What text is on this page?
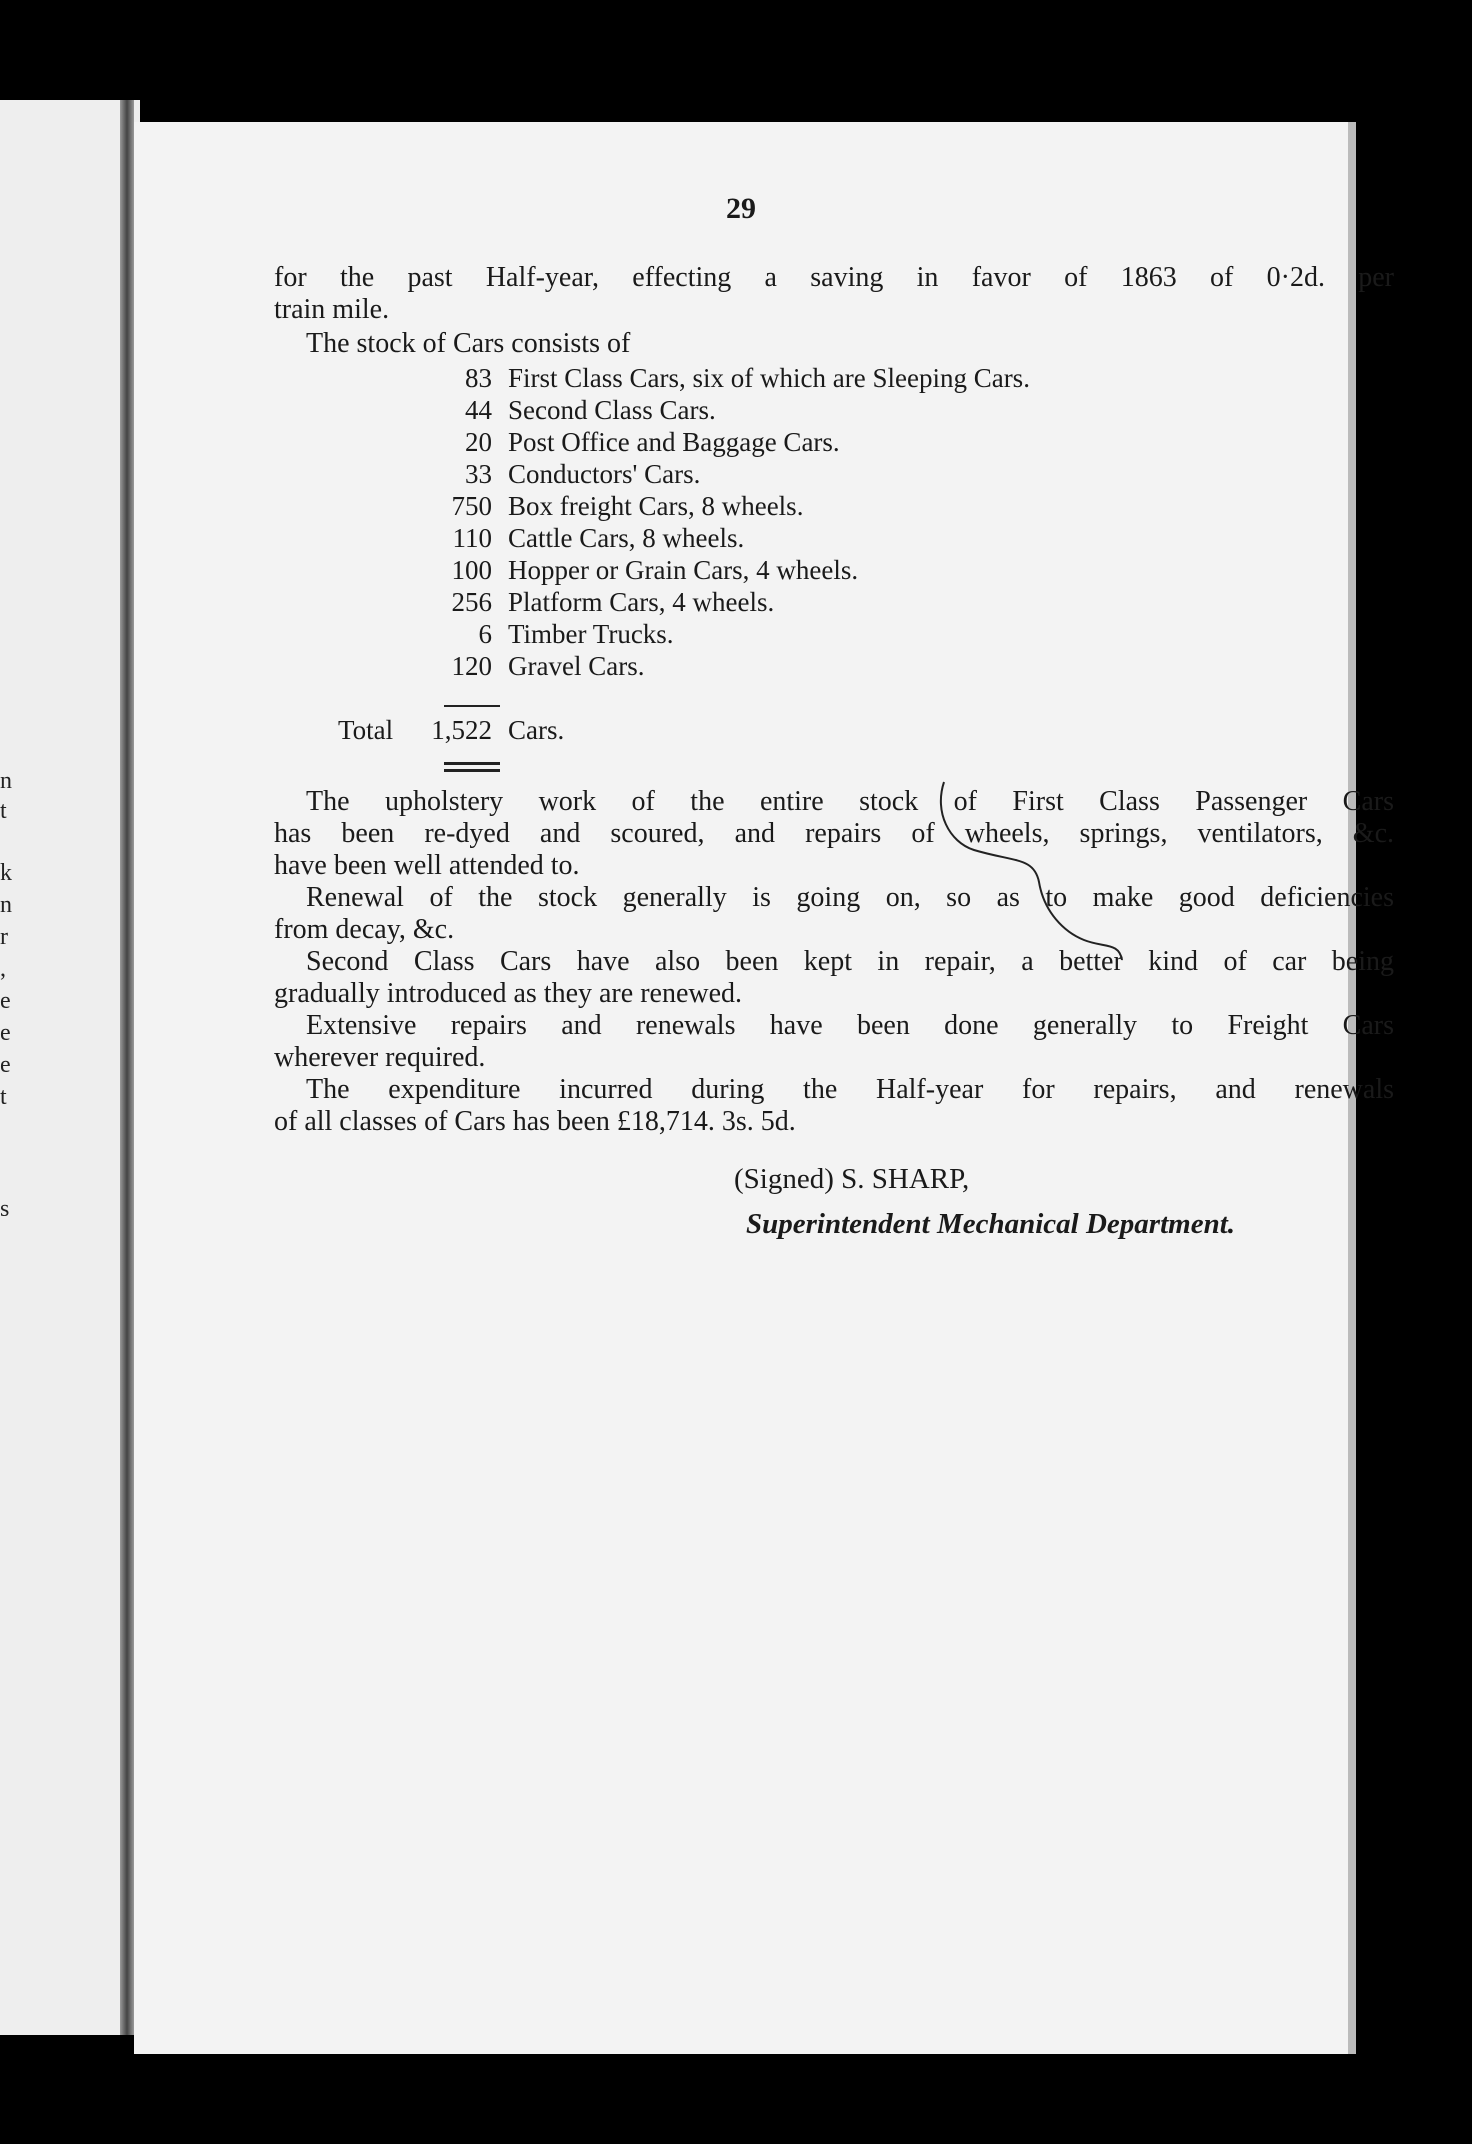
n
t
k
n
r
,
e
e
e
t
s
29
for the past Half-year, effecting a saving in favor of 1863 of 0·2d. per
train mile.
The stock of Cars consists of
83 First Class Cars, six of which are Sleeping Cars.
44 Second Class Cars.
20 Post Office and Baggage Cars.
33 Conductors' Cars.
750 Box freight Cars, 8 wheels.
110 Cattle Cars, 8 wheels.
100 Hopper or Grain Cars, 4 wheels.
256 Platform Cars, 4 wheels.
6 Timber Trucks.
120 Gravel Cars.
Total	1,522 Cars.
The upholstery work of the entire stock of First Class Passenger Cars
has been re-dyed and scoured, and repairs of wheels, springs, ventilators, &c.
have been well attended to.
Renewal of the stock generally is going on, so as to make good deficiencies
from decay, &c.
Second Class Cars have also been kept in repair, a better kind of car being
gradually introduced as they are renewed.
Extensive repairs and renewals have been done generally to Freight Cars
wherever required.
The expenditure incurred during the Half-year for repairs, and renewals
of all classes of Cars has been £18,714. 3s. 5d.
(Signed) S. SHARP,
Superintendent Mechanical Department.
